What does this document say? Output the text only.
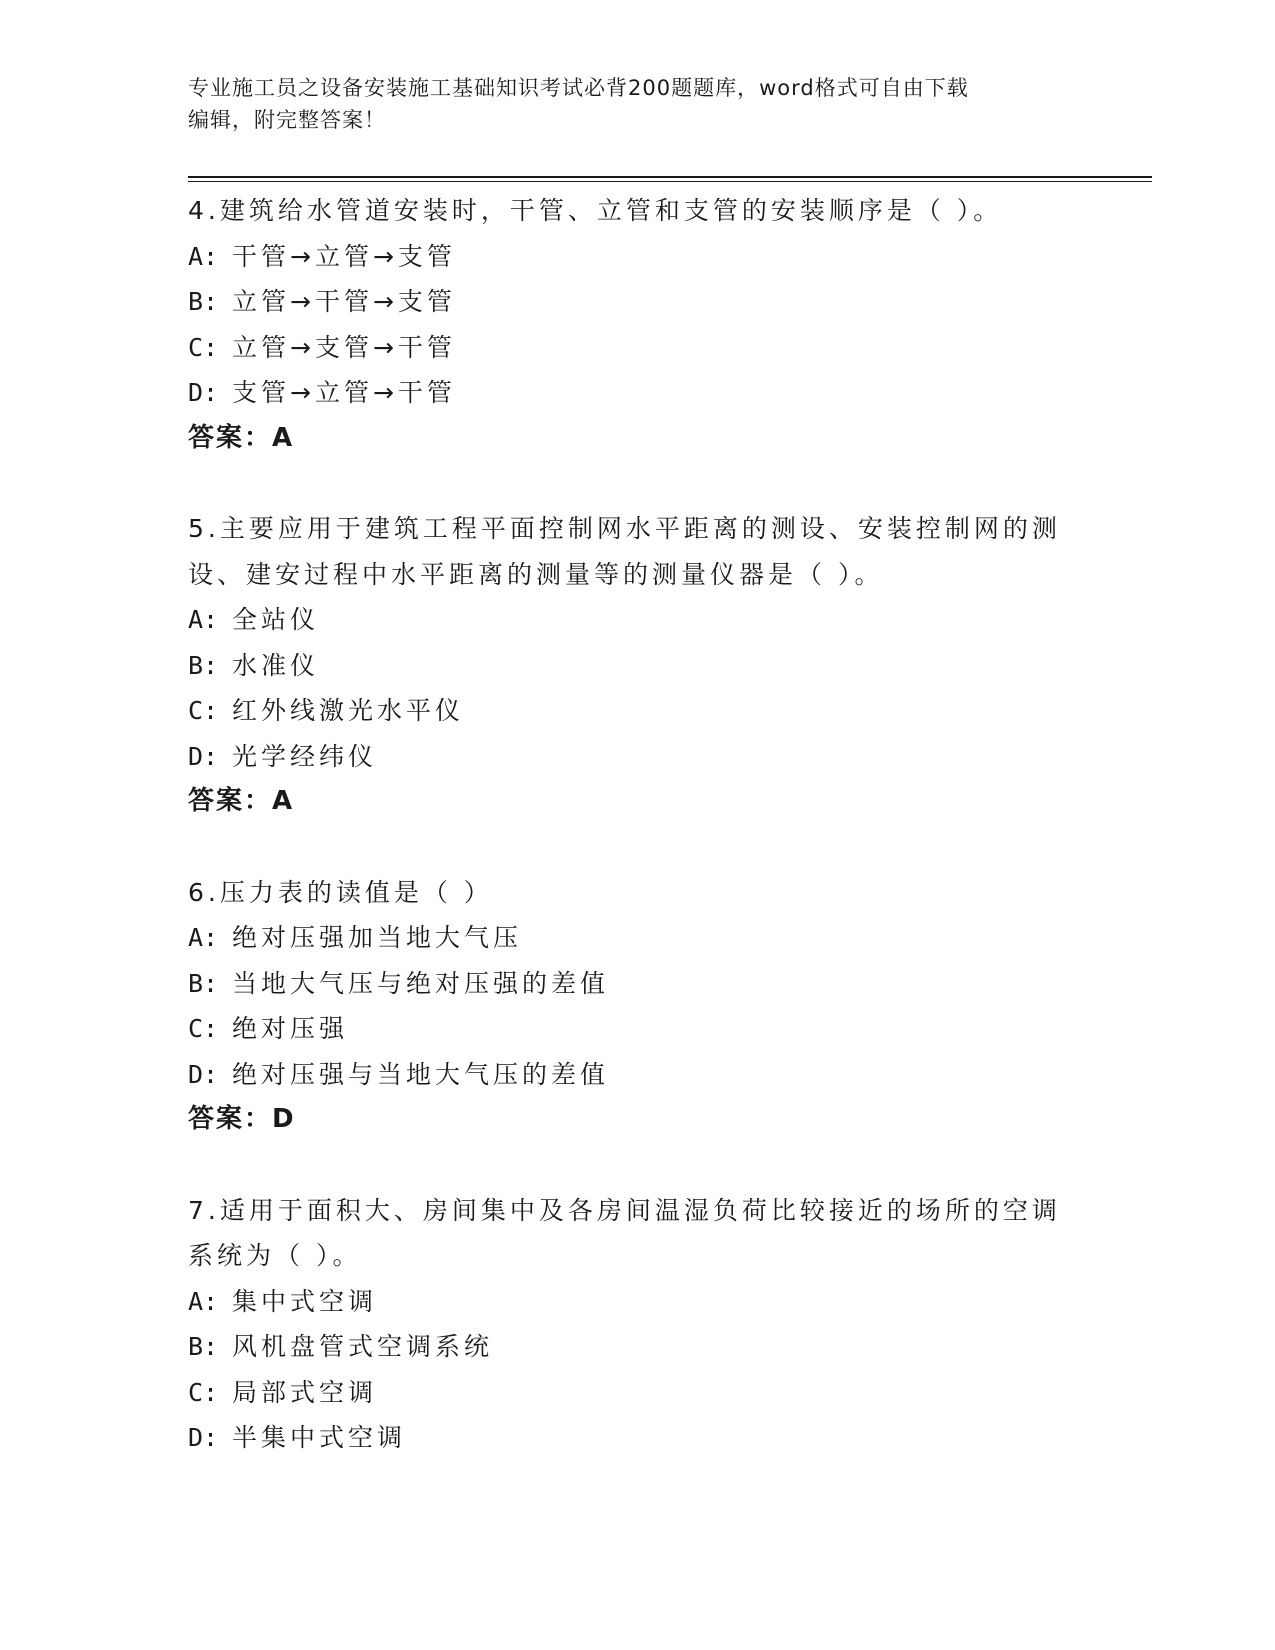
专业施工员之设备安装施工基础知识考试必背200题题库，word格式可自由下载
编辑，附完整答案！
4.建筑给水管道安装时，干管、立管和支管的安装顺序是（ ）。
A: 干管→立管→支管
B: 立管→干管→支管
C: 立管→支管→干管
D: 支管→立管→干管
答案：A
5.主要应用于建筑工程平面控制网水平距离的测设、安装控制网的测设、建安过程中水平距离的测量等的测量仪器是（ ）。
A: 全站仪
B: 水准仪
C: 红外线激光水平仪
D: 光学经纬仪
答案：A
6.压力表的读值是（ ）
A: 绝对压强加当地大气压
B: 当地大气压与绝对压强的差值
C: 绝对压强
D: 绝对压强与当地大气压的差值
答案：D
7.适用于面积大、房间集中及各房间温湿负荷比较接近的场所的空调系统为（ ）。
A: 集中式空调
B: 风机盘管式空调系统
C: 局部式空调
D: 半集中式空调
